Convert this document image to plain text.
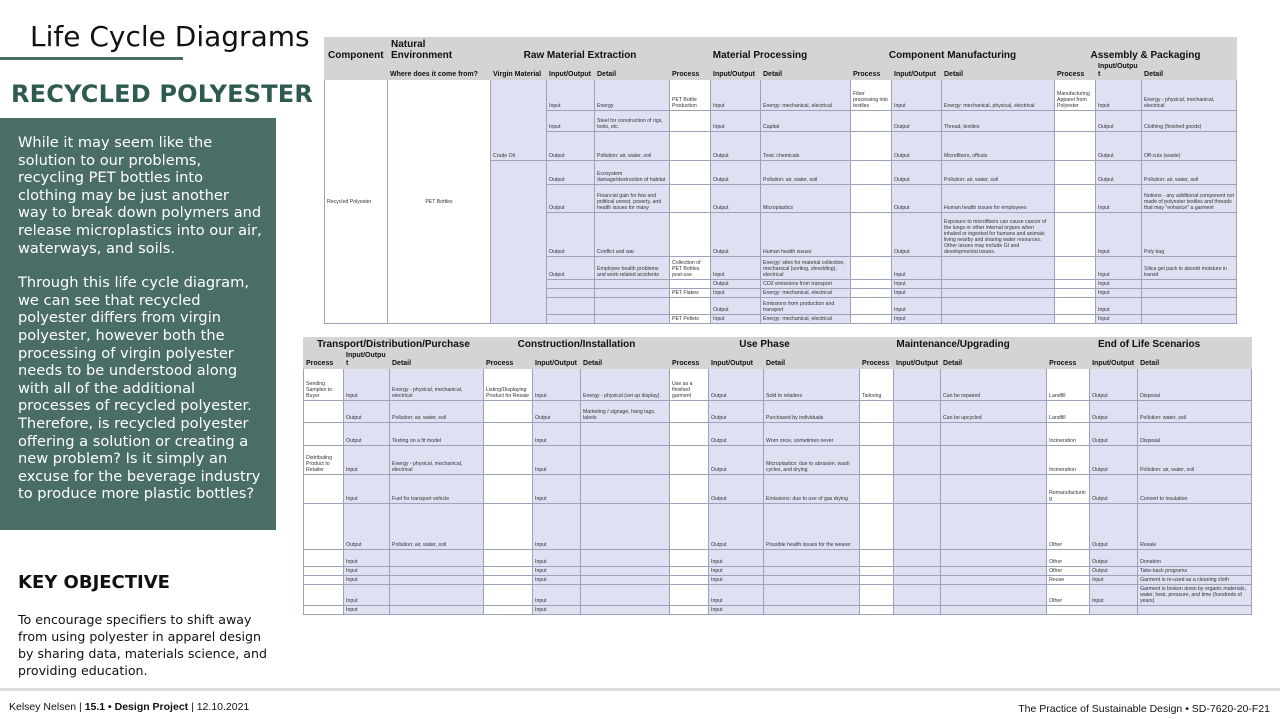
Life Cycle Diagrams
RECYCLED POLYESTER

While it may seem like the solution to our problems, recycling PET bottles into clothing may be just another way to break down polymers and release microplastics into our air, waterways, and soils.

Through this life cycle diagram, we can see that recycled polyester differs from virgin polyester, however both the processing of virgin polyester needs to be understood along with all of the additional processes of recycled polyester. Therefore, is recycled polyester offering a solution or creating a new problem? Is it simply an excuse for the beverage industry to produce more plastic bottles?

KEY OBJECTIVE

To encourage specifiers to shift away from using polyester in apparel design by sharing data, materials science, and providing education.

Component	Natural Environment	Raw Material Extraction			Material Processing			Component Manufacturing			Assembly & Packaging		
	Where does it come from?	Virgin Material	Input/Output	Detail	Process	Input/Output	Detail	Process	Input/Output	Detail	Process	Input/Output	Detail
Recycled Polyester	PET Bottles	Crude Oil	Input	Energy	PET Bottle Production	Input	Energy: mechanical, electrical	Fiber processing into textiles	Input	Energy: mechanical, physical, electrical	Manufacturing Apparel from Polyester	Input	Energy - physical, mechanical, electrical
			Input	Steel for construction of rigs, tools, etc.		Input	Capital		Output	Thread, textiles		Output	Clothing (finished goods)
			Output	Pollution: air, water, soil		Output	Toxic chemicals		Output	Microfibers, offcuts		Output	Off-cuts (waste)
			Output	Ecosystem damage/destruction of habitat		Output	Pollution: air, water, soil		Output	Pollution: air, water, soil		Output	Pollution: air, water, soil
			Output	Financial gain for few and political unrest, poverty, and health issues for many		Output	Microplastics		Output	Human health issues for employees		Input	Notions - any additional component not made of polyester textiles and threads that may "enhance" a garment
			Output	Conflict and war		Output	Human health issues		Output	Exposure to microfibers can cause cancer of the lungs or other internal organs when inhaled or ingested for humans and animals living nearby and sharing water resources. Other issues may include GI and developmental issues.		Input	Poly bag
			Output	Employee health problems and work-related accidents	Collection of PET Bottles post-use	Input	Energy: sites for material collection, mechanical (sorting, shredding), electrical		Input			Input	Silica gel pack to absorb moisture in transit
						Output	CO2 emissions from transport		Input			Input	
					PET Flakes	Input	Energy: mechanical, electrical		Input			Input	
						Output	Emissions from production and transport		Input			Input	
					PET Pellets	Input	Energy: mechanical, electrical		Input			Input	
Transport/Distribution/Purchase			Construction/Installation			Use Phase			Maintenance/Upgrading			End of Life Scenarios		
Process	Input/Output	Detail	Process	Input/Output	Detail	Process	Input/Output	Detail	Process	Input/Output	Detail	Process	Input/Output	Detail
Sending Samples to Buyer	Input	Energy - physical, mechanical, electrical	Listing/Displaying Product for Resale	Input	Energy - physical (set up display)	Use as a finished garment	Output	Sold to retailers	Tailoring		Can be repaired	Landfill	Output	Disposal
	Output	Pollution: air, water, soil		Output	Marketing / signage, hang tags, labels		Output	Purchased by individuals			Can be upcycled	Landfill	Output	Pollution: water, soil
	Output	Testing on a fit model		Input			Output	Worn once, sometimes never				Incineration	Output	Disposal
Distributing Product to Retailer	Input	Energy - physical, mechanical, electrical		Input			Output	Microplastics: due to abrasion, wash cycles, and drying				Incineration	Output	Pollution: air, water, soil
	Input	Fuel for transport vehicle		Input			Output	Emissions: due to use of gas drying				Remanufacturing	Output	Convert to insulation
	Output	Pollution: air, water, soil		Input			Output	Possible health issues for the wearer				Other	Output	Resale
	Input			Input			Input					Other	Output	Donation
	Input			Input			Input					Other	Output	Take-back programs
	Input			Input			Input					Reuse	Input	Garment is re-used as a cleaning cloth
	Input			Input			Input					Other	Input	Garment is broken down by organic materials, water, heat, pressure, and time (hundreds of years)
	Input			Input			Input							
Kelsey Nelsen | 15.1 • Design Project | 12.10.2021	The Practice of Sustainable Design • SD-7620-20-F21
